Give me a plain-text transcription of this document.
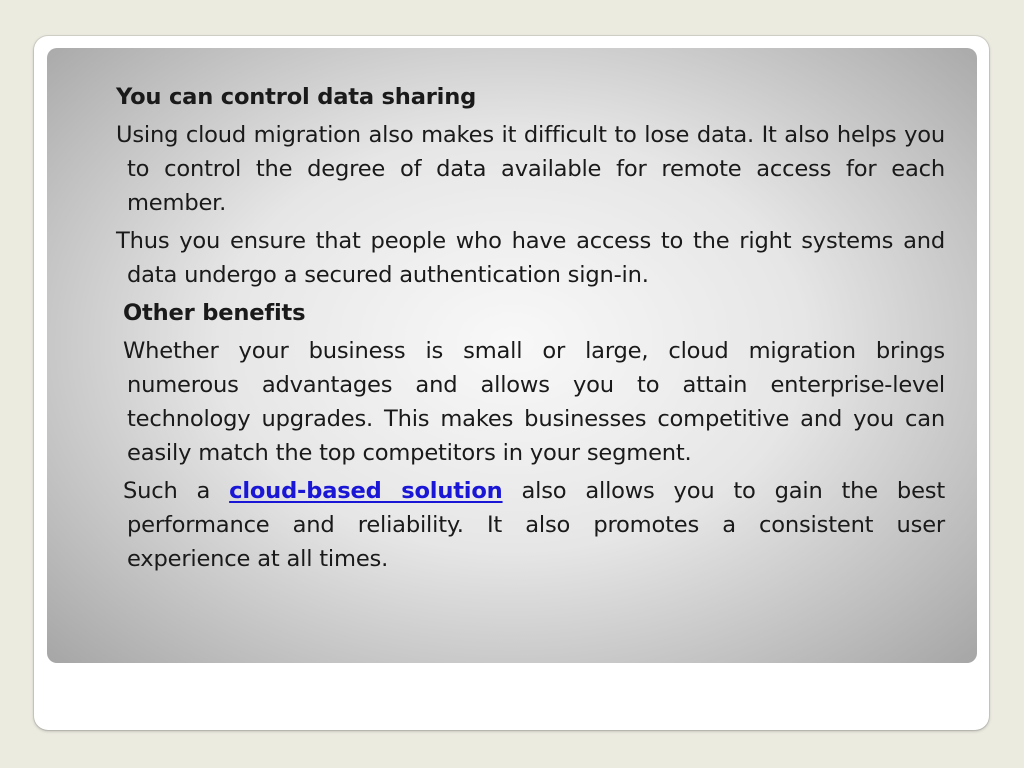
You can control data sharing
Using cloud migration also makes it difficult to lose data. It also helps you to control the degree of data available for remote access for each member.
Thus you ensure that people who have access to the right systems and data undergo a secured authentication sign-in.
Other benefits
Whether your business is small or large, cloud migration brings numerous advantages and allows you to attain enterprise-level technology upgrades. This makes businesses competitive and you can easily match the top competitors in your segment.
Such a cloud-based solution also allows you to gain the best performance and reliability. It also promotes a consistent user experience at all times.
